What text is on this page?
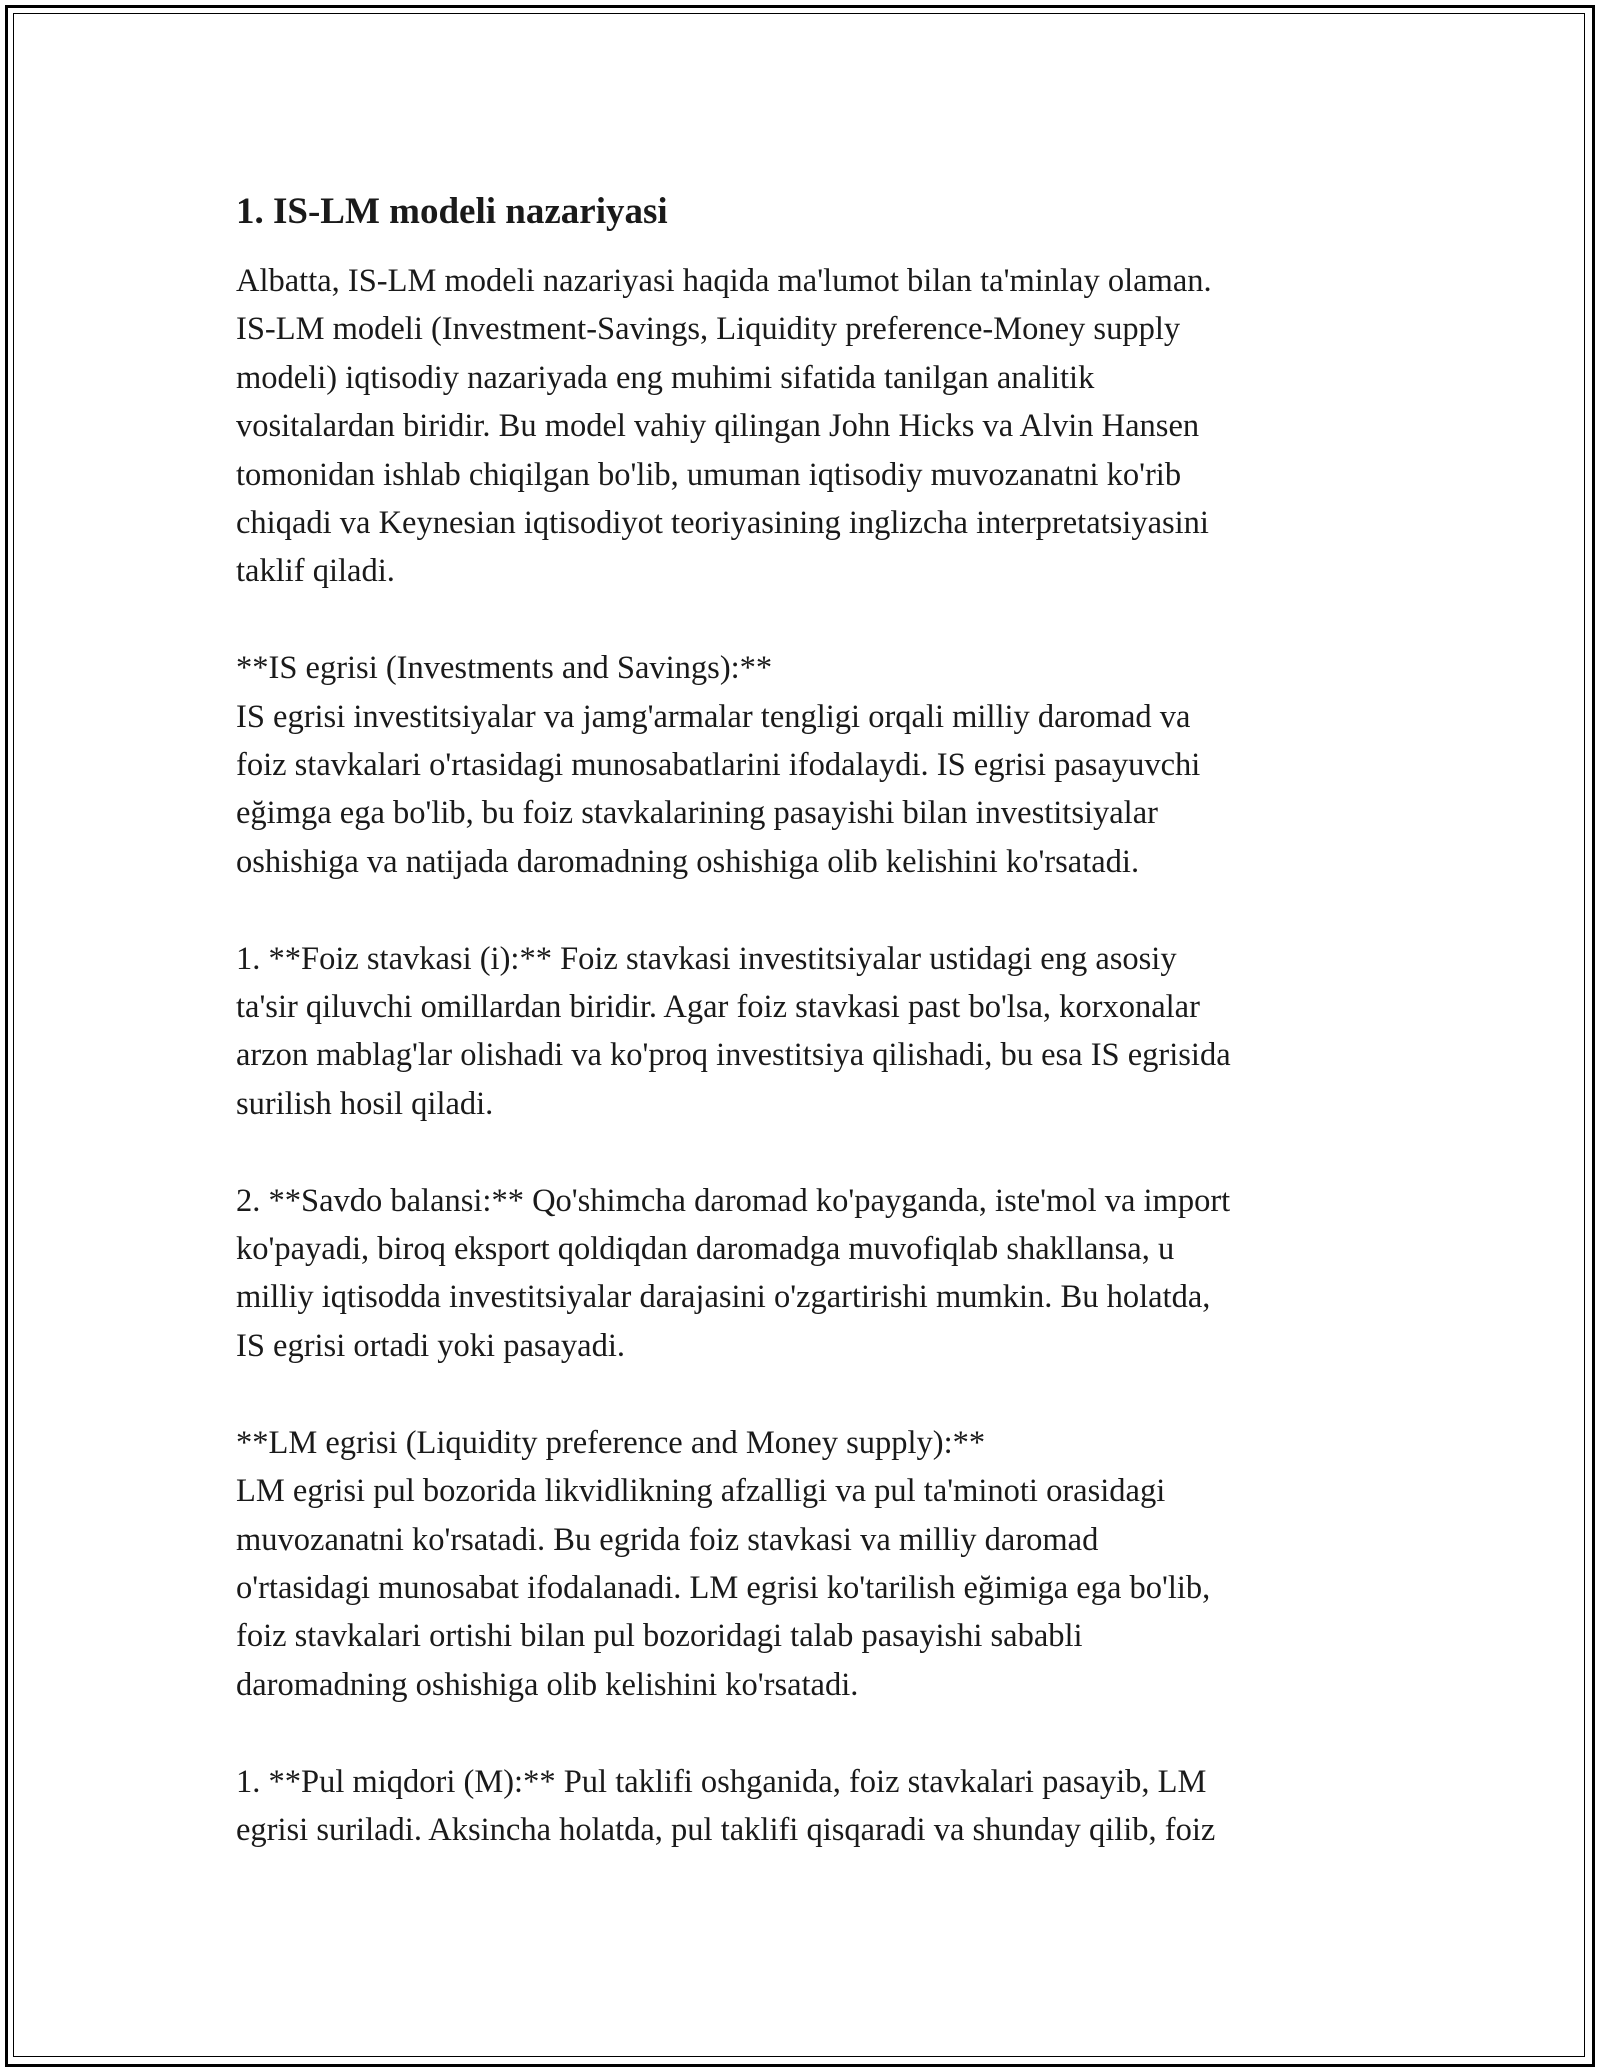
1. IS-LM modeli nazariyasi

Albatta, IS-LM modeli nazariyasi haqida ma'lumot bilan ta'minlay olaman.
IS-LM modeli (Investment-Savings, Liquidity preference-Money supply
modeli) iqtisodiy nazariyada eng muhimi sifatida tanilgan analitik
vositalardan biridir. Bu model vahiy qilingan John Hicks va Alvin Hansen
tomonidan ishlab chiqilgan bo'lib, umuman iqtisodiy muvozanatni ko'rib
chiqadi va Keynesian iqtisodiyot teoriyasining inglizcha interpretatsiyasini
taklif qiladi.

**IS egrisi (Investments and Savings):**
IS egrisi investitsiyalar va jamg'armalar tengligi orqali milliy daromad va
foiz stavkalari o'rtasidagi munosabatlarini ifodalaydi. IS egrisi pasayuvchi
eğimga ega bo'lib, bu foiz stavkalarining pasayishi bilan investitsiyalar
oshishiga va natijada daromadning oshishiga olib kelishini ko'rsatadi.

1. **Foiz stavkasi (i):** Foiz stavkasi investitsiyalar ustidagi eng asosiy
ta'sir qiluvchi omillardan biridir. Agar foiz stavkasi past bo'lsa, korxonalar
arzon mablag'lar olishadi va ko'proq investitsiya qilishadi, bu esa IS egrisida
surilish hosil qiladi.

2. **Savdo balansi:** Qo'shimcha daromad ko'payganda, iste'mol va import
ko'payadi, biroq eksport qoldiqdan daromadga muvofiqlab shakllansa, u
milliy iqtisodda investitsiyalar darajasini o'zgartirishi mumkin. Bu holatda,
IS egrisi ortadi yoki pasayadi.

**LM egrisi (Liquidity preference and Money supply):**
LM egrisi pul bozorida likvidlikning afzalligi va pul ta'minoti orasidagi
muvozanatni ko'rsatadi. Bu egrida foiz stavkasi va milliy daromad
o'rtasidagi munosabat ifodalanadi. LM egrisi ko'tarilish eğimiga ega bo'lib,
foiz stavkalari ortishi bilan pul bozoridagi talab pasayishi sababli
daromadning oshishiga olib kelishini ko'rsatadi.

1. **Pul miqdori (M):** Pul taklifi oshganida, foiz stavkalari pasayib, LM
egrisi suriladi. Aksincha holatda, pul taklifi qisqaradi va shunday qilib, foiz
